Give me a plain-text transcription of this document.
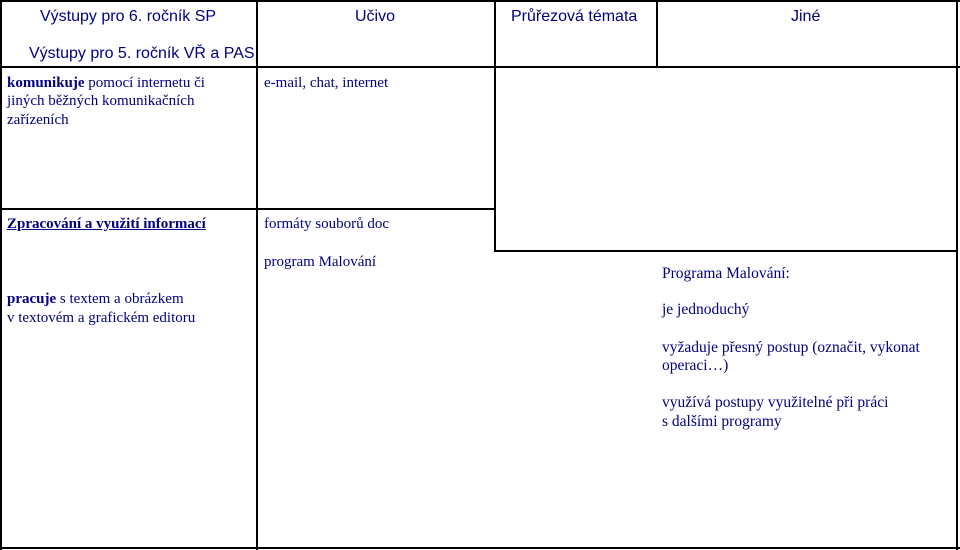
Výstupy pro 6. ročník SP
Výstupy pro 5. ročník VŘ a PAS
Učivo	Průřezová témata	Jiné
komunikuje pomocí internetu či
jiných běžných komunikačních
zařízeních
e-mail, chat, internet
Zpracování a využití informací
pracuje s textem a obrázkem
v textovém a grafickém editoru
formáty souborů doc
program Malování
Programa Malování:
je jednoduchý
vyžaduje přesný postup (označit, vykonat
operaci…)
využívá postupy využitelné při práci
s dalšími programy
